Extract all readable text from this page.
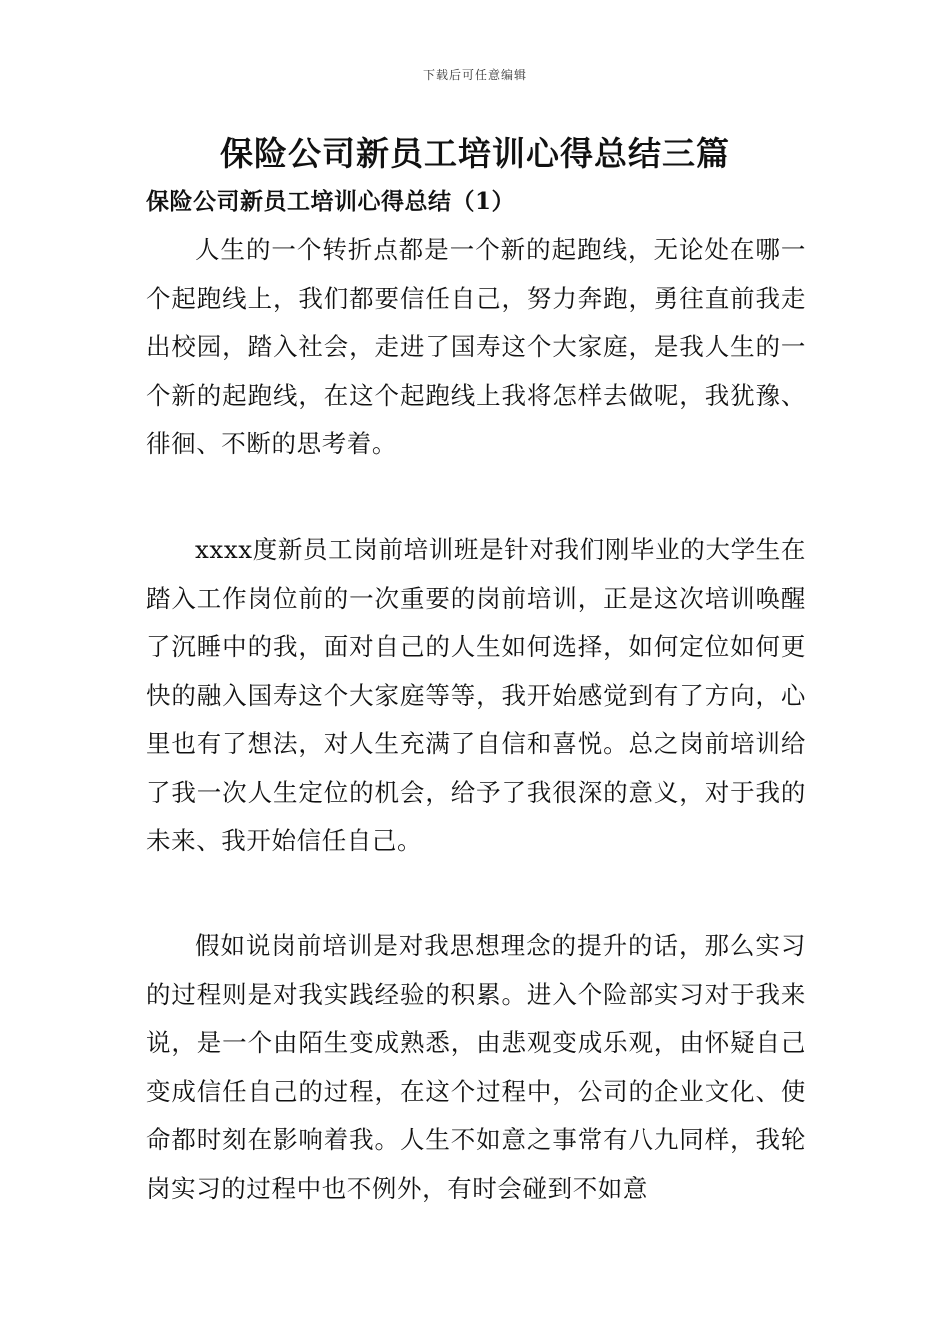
下载后可任意编辑
保险公司新员工培训心得总结三篇
保险公司新员工培训心得总结（1）

人生的一个转折点都是一个新的起跑线，无论处在哪一个起跑线上，我们都要信任自己，努力奔跑，勇往直前我走出校园，踏入社会，走进了国寿这个大家庭，是我人生的一个新的起跑线，在这个起跑线上我将怎样去做呢，我犹豫、徘徊、不断的思考着。

xxxx度新员工岗前培训班是针对我们刚毕业的大学生在踏入工作岗位前的一次重要的岗前培训，正是这次培训唤醒了沉睡中的我，面对自己的人生如何选择，如何定位如何更快的融入国寿这个大家庭等等，我开始感觉到有了方向，心里也有了想法，对人生充满了自信和喜悦。总之岗前培训给了我一次人生定位的机会，给予了我很深的意义，对于我的未来、我开始信任自己。

假如说岗前培训是对我思想理念的提升的话，那么实习的过程则是对我实践经验的积累。进入个险部实习对于我来说，是一个由陌生变成熟悉，由悲观变成乐观，由怀疑自己变成信任自己的过程，在这个过程中，公司的企业文化、使命都时刻在影响着我。人生不如意之事常有八九同样，我轮岗实习的过程中也不例外，有时会碰到不如意
